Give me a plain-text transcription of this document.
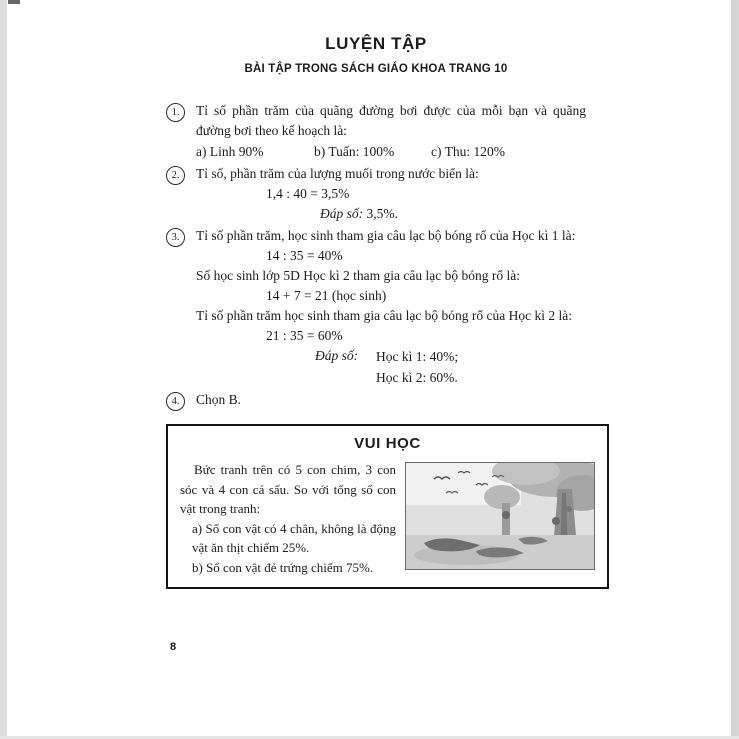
LUYỆN TẬP
BÀI TẬP TRONG SÁCH GIÁO KHOA TRANG 10
1.	Tỉ số phần trăm của quãng đường bơi được của mỗi bạn và quãng đường bơi theo kế hoạch là:
a) Linh 90%	b) Tuấn: 100%	c) Thu: 120%
2.	Tỉ số, phần trăm của lượng muối trong nước biển là:
1,4 : 40 = 3,5%
Đáp số: 3,5%.
3.	Tỉ số phần trăm, học sinh tham gia câu lạc bộ bóng rổ của Học kì 1 là:
14 : 35 = 40%
Số học sinh lớp 5D Học kì 2 tham gia câu lạc bộ bóng rổ là:
14 + 7 = 21 (học sinh)
Tỉ số phần trăm học sinh tham gia câu lạc bộ bóng rổ của Học kì 2 là:
21 : 35 = 60%
Đáp số:	Học kì 1: 40%;
Học kì 2: 60%.
4.	Chọn B.
VUI HỌC

Bức tranh trên có 5 con chim, 3 con sóc và 4 con cá sấu. So với tổng số con vật trong tranh:

a) Số con vật có 4 chân, không là động vật ăn thịt chiếm 25%.
b) Số con vật đẻ trứng chiếm 75%.
8
